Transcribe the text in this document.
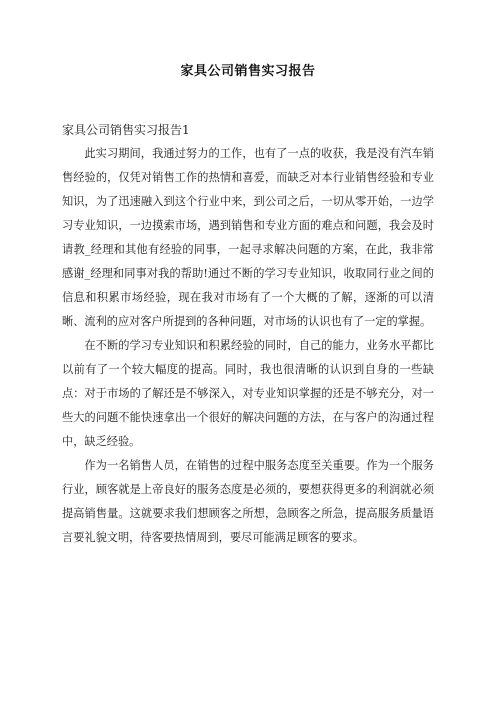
家具公司销售实习报告

家具公司销售实习报告1

此实习期间，我通过努力的工作，也有了一点的收获，我是没有汽车销售经验的，仅凭对销售工作的热情和喜爱，而缺乏对本行业销售经验和专业知识，为了迅速融入到这个行业中来，到公司之后，一切从零开始，一边学习专业知识，一边摸索市场，遇到销售和专业方面的难点和问题，我会及时请教_经理和其他有经验的同事，一起寻求解决问题的方案，在此，我非常感谢_经理和同事对我的帮助!通过不断的学习专业知识，收取同行业之间的信息和积累市场经验，现在我对市场有了一个大概的了解，逐渐的可以清晰、流利的应对客户所提到的各种问题，对市场的认识也有了一定的掌握。

在不断的学习专业知识和积累经验的同时，自己的能力，业务水平都比以前有了一个较大幅度的提高。同时，我也很清晰的认识到自身的一些缺点：对于市场的了解还是不够深入，对专业知识掌握的还是不够充分，对一些大的问题不能快速拿出一个很好的解决问题的方法，在与客户的沟通过程中，缺乏经验。

作为一名销售人员，在销售的过程中服务态度至关重要。作为一个服务行业，顾客就是上帝良好的服务态度是必须的，要想获得更多的利润就必须提高销售量。这就要求我们想顾客之所想，急顾客之所急，提高服务质量语言要礼貌文明，待客要热情周到，要尽可能满足顾客的要求。
